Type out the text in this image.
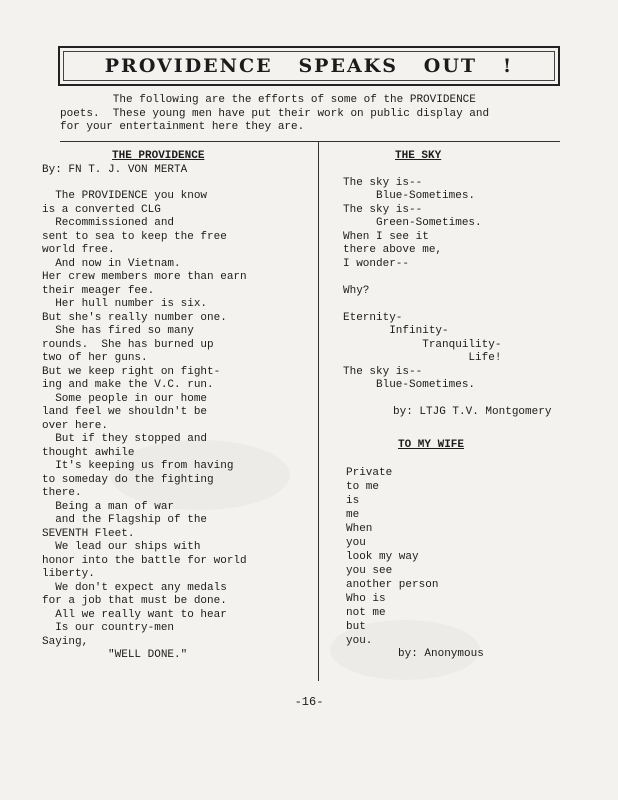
PROVIDENCE   SPEAKS   OUT   !

The following are the efforts of some of the PROVIDENCE

poets.  These young men have put their work on public display and

for your entertainment here they are.

THE PROVIDENCE
By: FN T. J. VON MERTA
The PROVIDENCE you know
is a converted CLG
Recommissioned and
sent to sea to keep the free
world free.
And now in Vietnam.
Her crew members more than earn
their meager fee.
Her hull number is six.
But she's really number one.
She has fired so many
rounds.  She has burned up
two of her guns.
But we keep right on fight-
ing and make the V.C. run.
Some people in our home
land feel we shouldn't be
over here.
But if they stopped and
thought awhile
It's keeping us from having
to someday do the fighting
there.
Being a man of war
and the Flagship of the
SEVENTH Fleet.
We lead our ships with
honor into the battle for world
liberty.
We don't expect any medals
for a job that must be done.
All we really want to hear
Is our country-men
Saying,
"WELL DONE."
THE SKY
The sky is--
Blue-Sometimes.
The sky is--
Green-Sometimes.
When I see it
there above me,
I wonder--
Why?
Eternity-
Infinity-
Tranquility-
Life!
The sky is--
Blue-Sometimes.
by: LTJG T.V. Montgomery
TO MY WIFE
Private
to me
is
me
When
you
look my way
you see
another person
Who is
not me
but
you.
by: Anonymous
-16-
